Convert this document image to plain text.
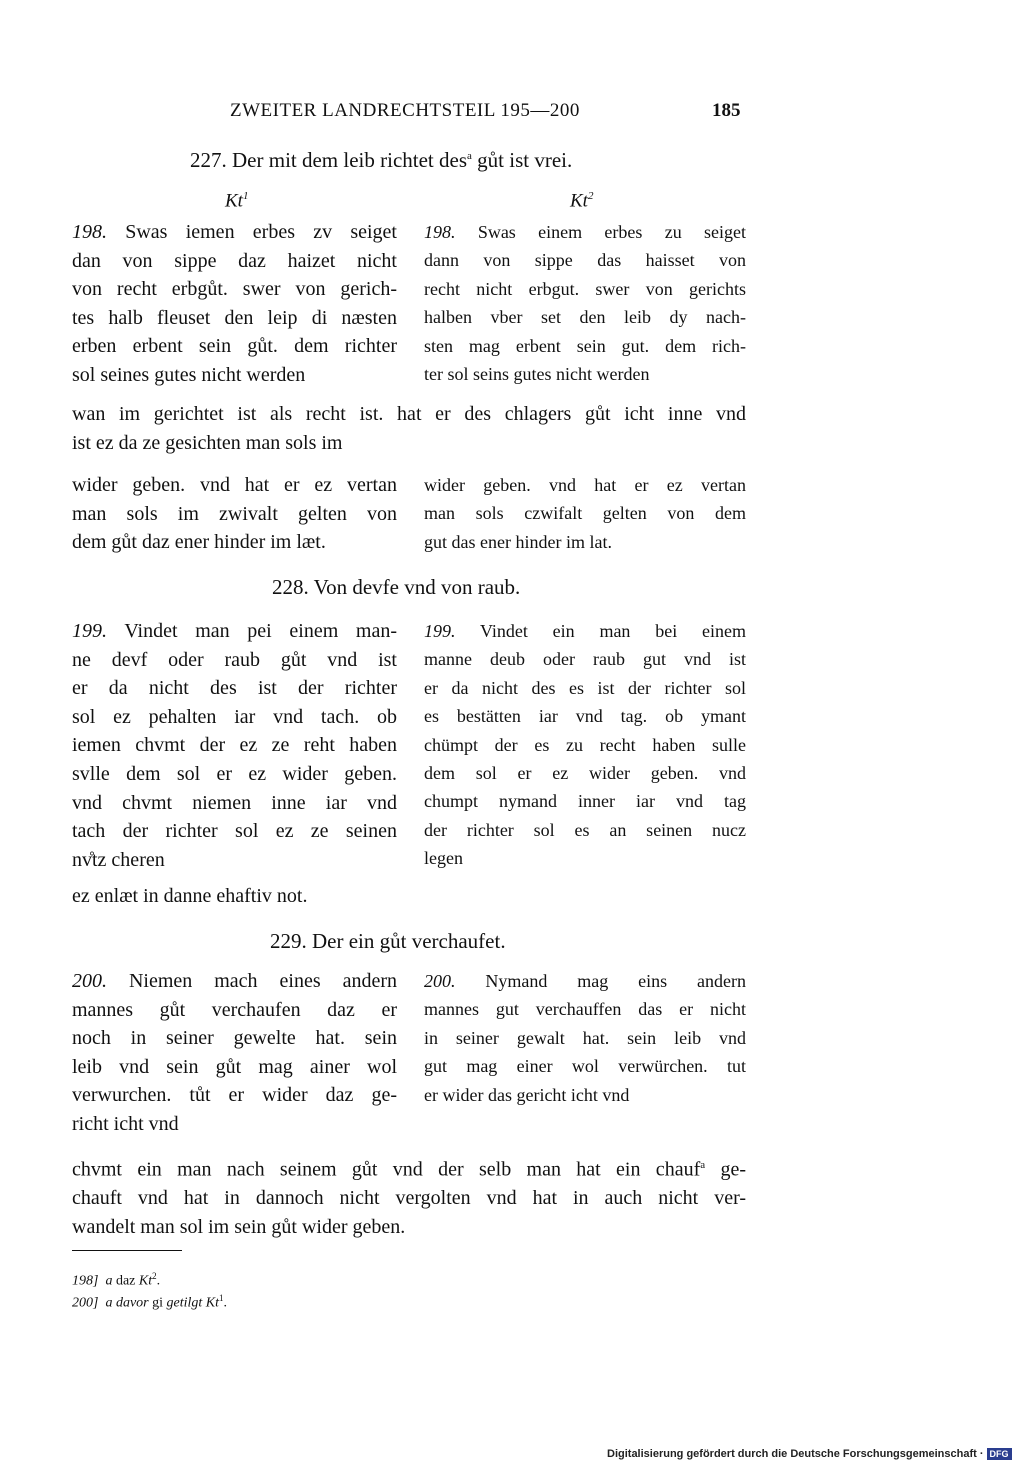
ZWEITER LANDRECHTSTEIL 195—200	185
227. Der mit dem leib richtet des$^a$ gůt ist vrei.
Kt$^1$	Kt$^2$
198. Swas iemen erbes zv seiget
dan von sippe daz haizet nicht
von recht erbgůt. swer von gerich-
tes halb fleuset den leip di næsten
erben erbent sein gůt. dem richter
sol seines gutes nicht werden
198. Swas einem erbes zu seiget
dann von sippe das haisset von
recht nicht erbgut. swer von gerichts
halben vber set den leib dy nach-
sten mag erbent sein gut. dem rich-
ter sol seins gutes nicht werden
wan im gerichtet ist als recht ist. hat er des chlagers gůt icht inne vnd
ist ez da ze gesichten man sols im
wider geben. vnd hat er ez vertan
man sols im zwivalt gelten von
dem gůt daz ener hinder im læt.
wider geben. vnd hat er ez vertan
man sols czwifalt gelten von dem
gut das ener hinder im lat.
228. Von devfe vnd von raub.
199. Vindet man pei einem man-
ne devf oder raub gůt vnd ist
er da nicht des ist der richter
sol ez pehalten iar vnd tach. ob
iemen chvmt der ez ze reht haben
svlle dem sol er ez wider geben.
vnd chvmt niemen inne iar vnd
tach der richter sol ez ze seinen
nv̊tz cheren
199. Vindet ein man bei einem
manne deub oder raub gut vnd ist
er da nicht des es ist der richter sol
es bestätten iar vnd tag. ob ymant
chümpt der es zu recht haben sulle
dem sol er ez wider geben. vnd
chumpt nymand inner iar vnd tag
der richter sol es an seinen nucz
legen
ez enlæt in danne ehaftiv not.
229. Der ein gůt verchaufet.
200. Niemen mach eines andern
mannes gůt verchaufen daz er
noch in seiner gewelte hat. sein
leib vnd sein gůt mag ainer wol
verwurchen. tůt er wider daz ge-
richt icht vnd
200. Nymand mag eins andern
mannes gut verchauffen das er nicht
in seiner gewalt hat. sein leib vnd
gut mag einer wol verwürchen. tut
er wider das gericht icht vnd
chvmt ein man nach seinem gůt vnd der selb man hat ein chauf$^a$ ge-
chauft vnd hat in dannoch nicht vergolten vnd hat in auch nicht ver-
wandelt man sol im sein gůt wider geben.
198] a daz Kt$^2$.
200] a davor gi getilgt Kt$^1$.
Digitalisierung gefördert durch die Deutsche Forschungsgemeinschaft · DFG
